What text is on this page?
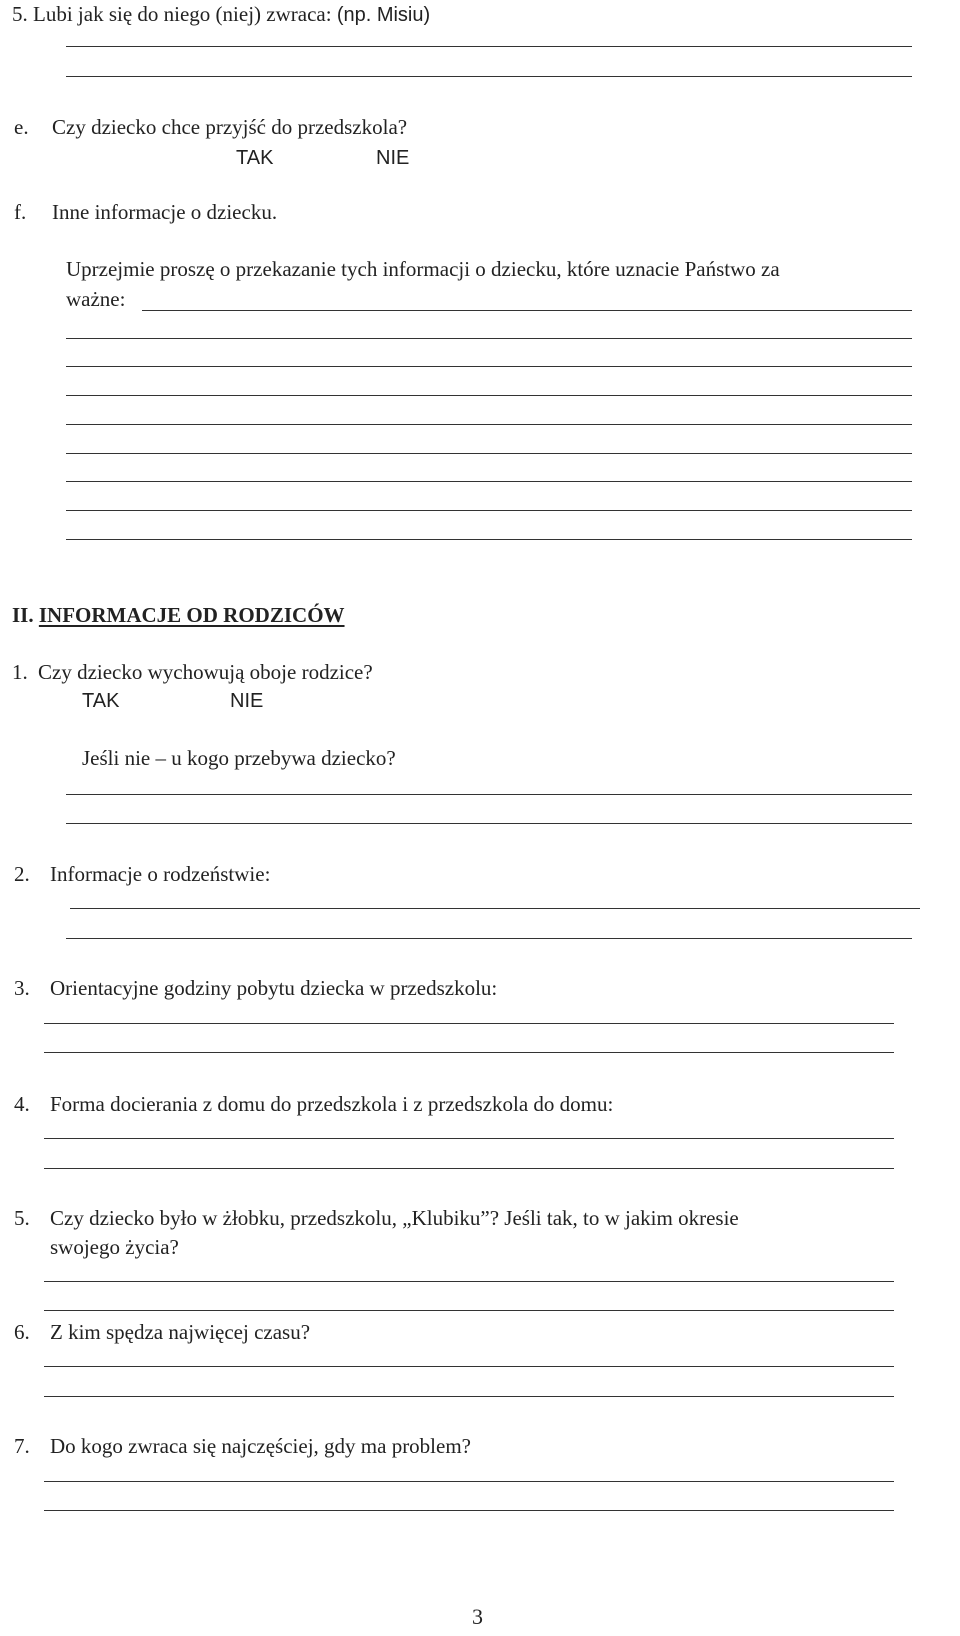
5. Lubi jak się do niego (niej) zwraca: (np. Misiu)
e. Czy dziecko chce przyjść do przedszkola?
TAK	NIE
f. Inne informacje o dziecku.
Uprzejmie proszę o przekazanie tych informacji o dziecku, które uznacie Państwo za
ważne:
II. INFORMACJE OD RODZICÓW
1. Czy dziecko wychowują oboje rodzice?
TAK	NIE
Jeśli nie – u kogo przebywa dziecko?
2. Informacje o rodzeństwie:
3. Orientacyjne godziny pobytu dziecka w przedszkolu:
4. Forma docierania z domu do przedszkola i z przedszkola do domu:
5. Czy dziecko było w żłobku, przedszkolu, „Klubiku”? Jeśli tak, to w jakim okresie
swojego życia?
6. Z kim spędza najwięcej czasu?
7. Do kogo zwraca się najczęściej, gdy ma problem?
3
